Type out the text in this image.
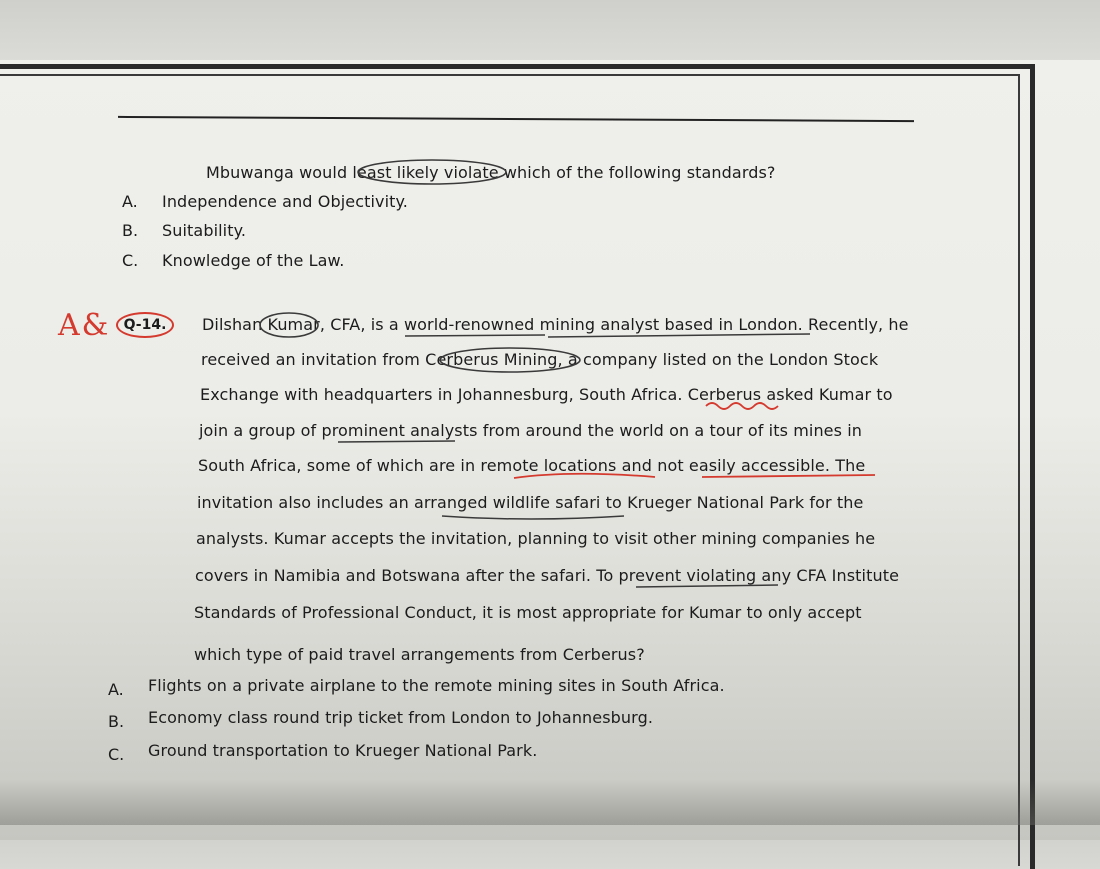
Mbuwanga would least likely violate which of the following standards?
A. Independence and Objectivity.
B. Suitability.
C. Knowledge of the Law.
A& Q-14.	Dilshan Kumar, CFA, is a world-renowned mining analyst based in London. Recently, he
received an invitation from Cerberus Mining, a company listed on the London Stock
Exchange with headquarters in Johannesburg, South Africa. Cerberus asked Kumar to
join a group of prominent analysts from around the world on a tour of its mines in
South Africa, some of which are in remote locations and not easily accessible. The
invitation also includes an arranged wildlife safari to Krueger National Park for the
analysts. Kumar accepts the invitation, planning to visit other mining companies he
covers in Namibia and Botswana after the safari. To prevent violating any CFA Institute
Standards of Professional Conduct, it is most appropriate for Kumar to only accept
which type of paid travel arrangements from Cerberus?
A. Flights on a private airplane to the remote mining sites in South Africa.
B. Economy class round trip ticket from London to Johannesburg.
C. Ground transportation to Krueger National Park.
